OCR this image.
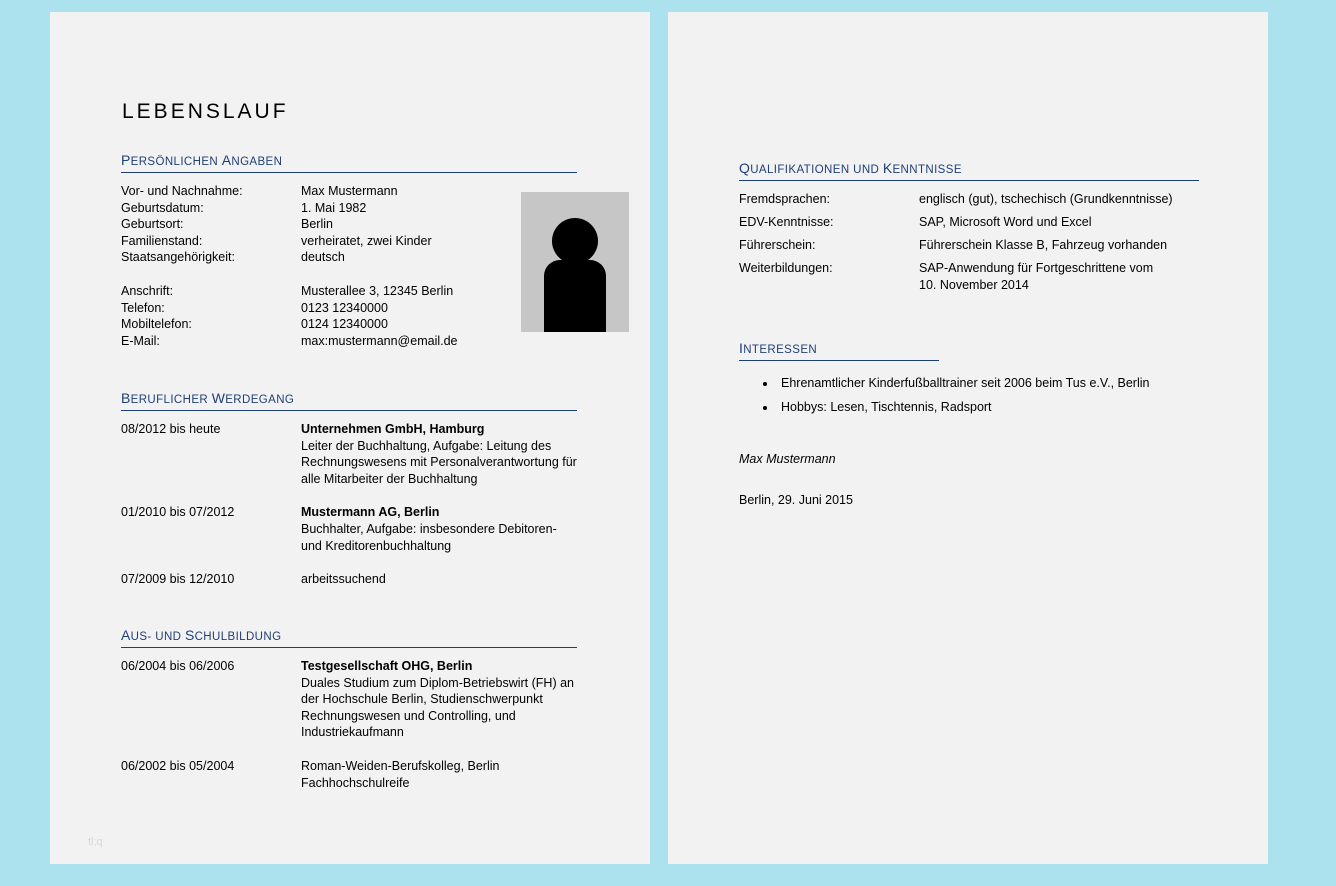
LEBENSLAUF
PERSÖNLICHEN ANGABEN
Vor- und Nachnahme:	Max Mustermann
Geburtsdatum:	1. Mai 1982
Geburtsort:	Berlin
Familienstand:	verheiratet, zwei Kinder
Staatsangehörigkeit:	deutsch
Anschrift:	Musterallee 3, 12345 Berlin
Telefon:	0123 12340000
Mobiltelefon:	0124 12340000
E-Mail:	max:mustermann@email.de
BERUFLICHER WERDEGANG
08/2012 bis heute	Unternehmen GmbH, Hamburg
Leiter der Buchhaltung, Aufgabe: Leitung des Rechnungswesens mit Personalverantwortung für alle Mitarbeiter der Buchhaltung
01/2010 bis 07/2012	Mustermann AG, Berlin
Buchhalter, Aufgabe: insbesondere Debitoren- und Kreditorenbuchhaltung
07/2009 bis 12/2010	arbeitssuchend
AUS- UND SCHULBILDUNG
06/2004 bis 06/2006	Testgesellschaft OHG, Berlin
Duales Studium zum Diplom-Betriebswirt (FH) an der Hochschule Berlin, Studienschwerpunkt Rechnungswesen und Controlling, und Industriekaufmann
06/2002 bis 05/2004	Roman-Weiden-Berufskolleg, Berlin Fachhochschulreife
tl;q
QUALIFIKATIONEN UND KENNTNISSE
Fremdsprachen:	englisch (gut), tschechisch (Grundkenntnisse)
EDV-Kenntnisse:	SAP, Microsoft Word und Excel
Führerschein:	Führerschein Klasse B, Fahrzeug vorhanden
Weiterbildungen:	SAP-Anwendung für Fortgeschrittene vom 10. November 2014
INTERESSEN
• Ehrenamtlicher Kinderfußballtrainer seit 2006 beim Tus e.V., Berlin
• Hobbys: Lesen, Tischtennis, Radsport
Max Mustermann
Berlin, 29. Juni 2015
